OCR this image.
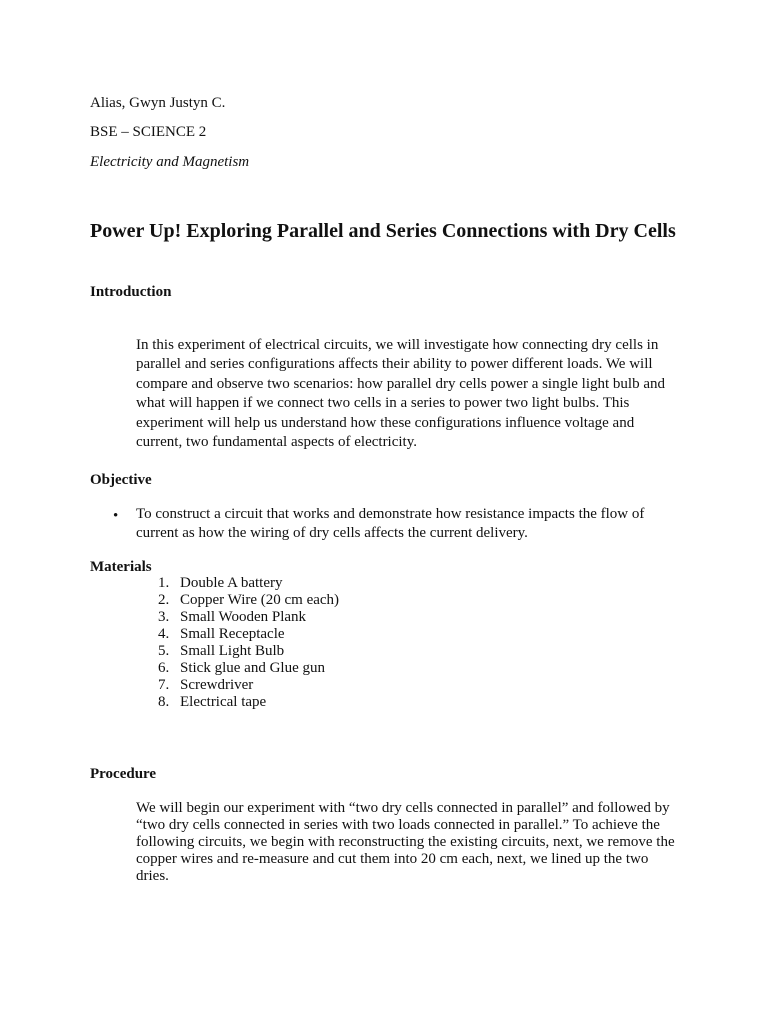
Alias, Gwyn Justyn C.
BSE – SCIENCE 2
Electricity and Magnetism
Power Up! Exploring Parallel and Series Connections with Dry Cells
Introduction
In this experiment of electrical circuits, we will investigate how connecting dry cells in parallel and series configurations affects their ability to power different loads. We will compare and observe two scenarios: how parallel dry cells power a single light bulb and what will happen if we connect two cells in a series to power two light bulbs. This experiment will help us understand how these configurations influence voltage and current, two fundamental aspects of electricity.
Objective
• To construct a circuit that works and demonstrate how resistance impacts the flow of current as how the wiring of dry cells affects the current delivery.
Materials
1. Double A battery
2. Copper Wire (20 cm each)
3. Small Wooden Plank
4. Small Receptacle
5. Small Light Bulb
6. Stick glue and Glue gun
7. Screwdriver
8. Electrical tape
Procedure
We will begin our experiment with “two dry cells connected in parallel” and followed by “two dry cells connected in series with two loads connected in parallel.” To achieve the following circuits, we begin with reconstructing the existing circuits, next, we remove the copper wires and re-measure and cut them into 20 cm each, next, we lined up the two dries.
